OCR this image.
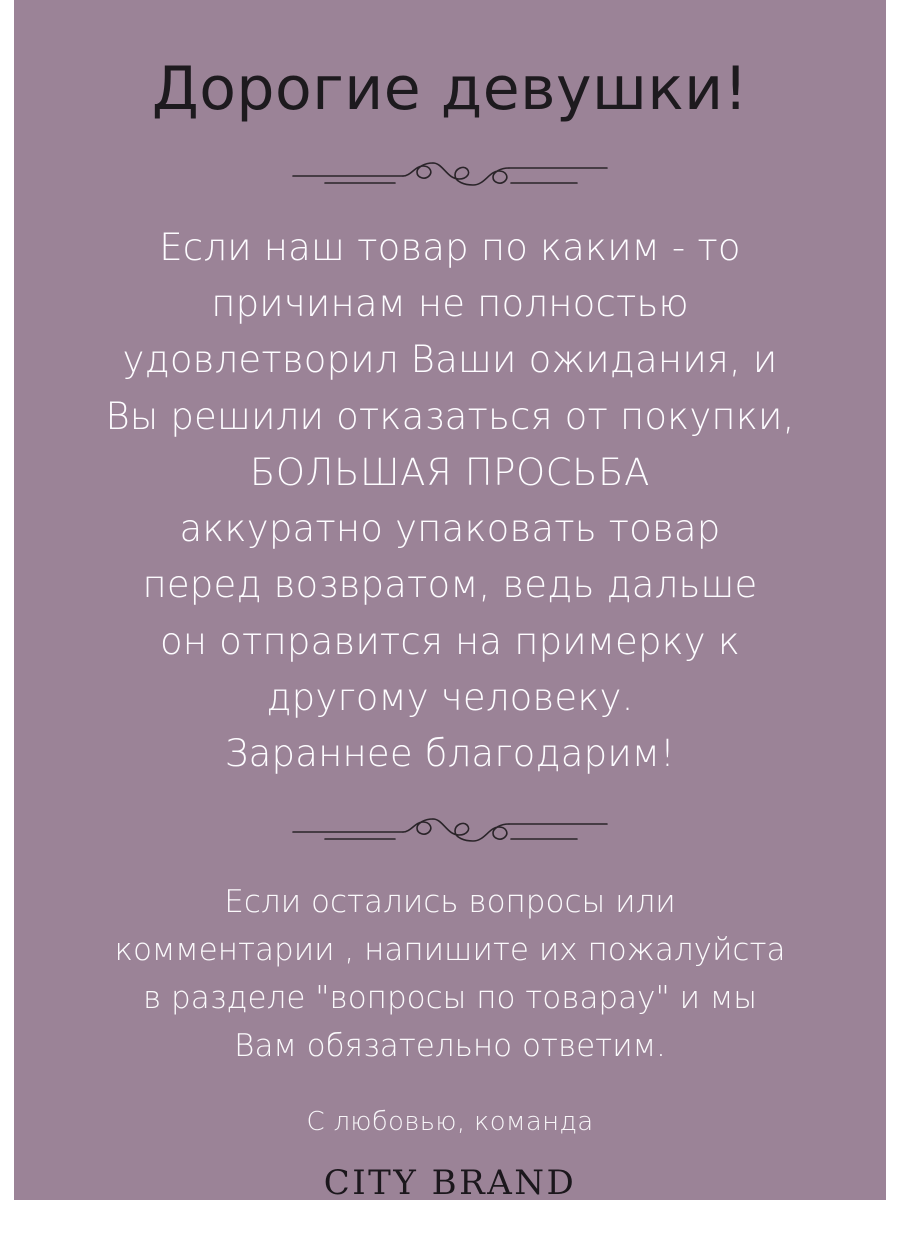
Дорогие девушки!
Если наш товар по каким - то
причинам не полностью
удовлетворил Ваши ожидания, и
Вы решили отказаться от покупки,
БОЛЬШАЯ ПРОСЬБА
аккуратно упаковать товар
перед возвратом, ведь дальше
он отправится на примерку к
другому человеку.
Зараннее благодарим!
Если остались вопросы или
комментарии , напишите их пожалуйста
в разделе "вопросы по товарау" и мы
Вам обязательно ответим.
С любовью, команда
CITY BRAND
